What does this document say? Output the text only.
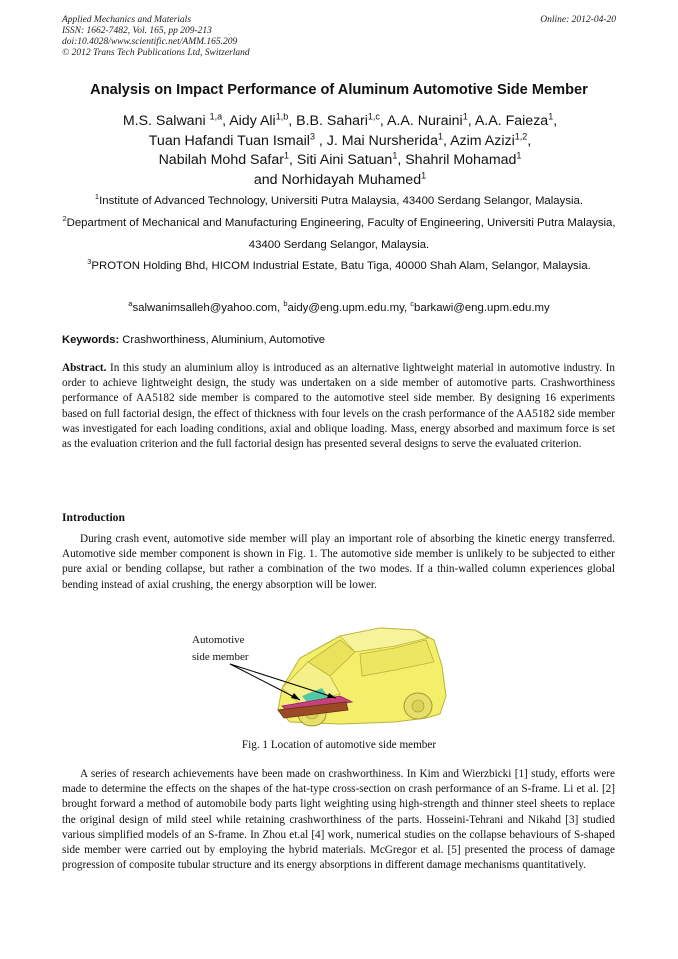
Applied Mechanics and Materials
ISSN: 1662-7482, Vol. 165, pp 209-213
doi:10.4028/www.scientific.net/AMM.165.209
© 2012 Trans Tech Publications Ltd, Switzerland
Online: 2012-04-20
Analysis on Impact Performance of Aluminum Automotive Side Member
M.S. Salwani $^{1,a}$, Aidy Ali$^{1,b}$, B.B. Sahari$^{1,c}$, A.A. Nuraini$^1$, A.A. Faieza$^1$,
Tuan Hafandi Tuan Ismail$^3$ , J. Mai Nursherida$^1$, Azim Azizi$^{1,2}$,
Nabilah Mohd Safar$^1$, Siti Aini Satuan$^1$, Shahril Mohamad$^1$
and Norhidayah Muhamed$^1$
$^1$Institute of Advanced Technology, Universiti Putra Malaysia, 43400 Serdang Selangor, Malaysia.
$^2$Department of Mechanical and Manufacturing Engineering, Faculty of Engineering, Universiti Putra Malaysia, 43400 Serdang Selangor, Malaysia.
$^3$PROTON Holding Bhd, HICOM Industrial Estate, Batu Tiga, 40000 Shah Alam, Selangor, Malaysia.
$^a$salwanimsalleh@yahoo.com, $^b$aidy@eng.upm.edu.my, $^c$barkawi@eng.upm.edu.my
Keywords: Crashworthiness, Aluminium, Automotive
Abstract. In this study an aluminium alloy is introduced as an alternative lightweight material in automotive industry. In order to achieve lightweight design, the study was undertaken on a side member of automotive parts. Crashworthiness performance of AA5182 side member is compared to the automotive steel side member. By designing 16 experiments based on full factorial design, the effect of thickness with four levels on the crash performance of the AA5182 side member was investigated for each loading conditions, axial and oblique loading. Mass, energy absorbed and maximum force is set as the evaluation criterion and the full factorial design has presented several designs to serve the evaluated criterion.
Introduction
During crash event, automotive side member will play an important role of absorbing the kinetic energy transferred. Automotive side member component is shown in Fig. 1. The automotive side member is unlikely to be subjected to either pure axial or bending collapse, but rather a combination of the two modes. If a thin-walled column experiences global bending instead of axial crushing, the energy absorption will be lower.
Automotive
side member
Fig. 1 Location of automotive side member
A series of research achievements have been made on crashworthiness. In Kim and Wierzbicki [1] study, efforts were made to determine the effects on the shapes of the hat-type cross-section on crash performance of an S-frame. Li et al. [2] brought forward a method of automobile body parts light weighting using high-strength and thinner steel sheets to replace the original design of mild steel while retaining crashworthiness of the parts. Hosseini-Tehrani and Nikahd [3] studied various simplified models of an S-frame. In Zhou et.al [4] work, numerical studies on the collapse behaviours of S-shaped side member were carried out by employing the hybrid materials. McGregor et al. [5] presented the process of damage progression of composite tubular structure and its energy absorptions in different damage mechanisms quantitatively.
